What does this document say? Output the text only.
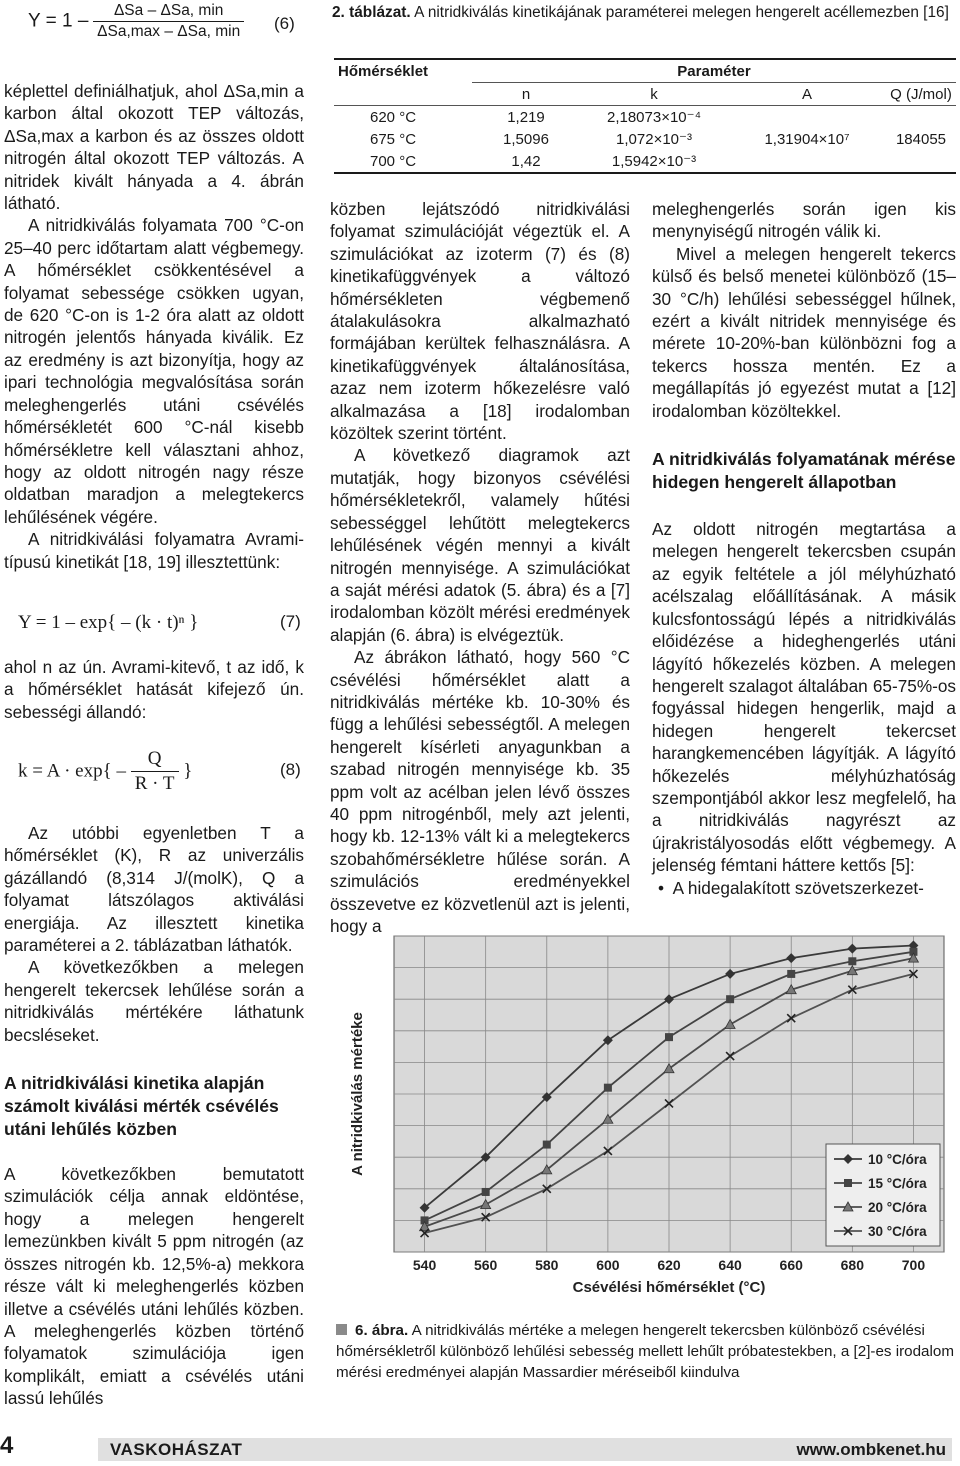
$Y = 1 - \frac{\text{ΔSa – ΔSa, min}}{\text{ΔSa,max – ΔSa, min}} (6)$

képlettel definiálhatjuk, ahol ΔSa,min a karbon által okozott TEP változás, ΔSa,max a karbon és az összes oldott nitrogén által okozott TEP változás. A nitridek kivált hányada a 4. ábrán látható.

A nitridkiválás folyamata 700 °C-on 25–40 perc időtartam alatt végbemegy. A hőmérséklet csökkentésével a folyamat sebessége csökken ugyan, de 620 °C-on is 1-2 óra alatt az oldott nitrogén jelentős hányada kiválik. Ez az eredmény is azt bizonyítja, hogy az ipari technológia megvalósítása során meleghengerlés utáni csévélés hőmérsékletét 600 °C-nál kisebb hőmérsékletre kell választani ahhoz, hogy az oldott nitrogén nagy része oldatban maradjon a melegtekercs lehűlésének végére.

A nitridkiválási folyamatra Avrami-típusú kinetikát [18, 19] illesztettünk:

Y = 1 – exp{ – (k · t)ⁿ }	(7)

ahol n az ún. Avrami-kitevő, t az idő, k a hőmérséklet hatását kifejező ún. sebességi állandó:

$k = A \cdot \exp\{ - \frac{Q}{R \cdot T}$ }	(8)

Az utóbbi egyenletben T a hőmérséklet (K), R az univerzális gázállandó (8,314 J/(molK), Q a folyamat látszólagos aktiválási energiája. Az illesztett kinetika paraméterei a 2. táblázatban láthatók.

A következőkben a melegen hengerelt tekercsek lehűlése során a nitridkiválás mértékére láthatunk becsléseket.

A nitridkiválási kinetika alapján számolt kiválási mérték csévélés utáni lehűlés közben

A következőkben bemutatott szimulációk célja annak eldöntése, hogy a melegen hengerelt lemezünkben kivált 5 ppm nitrogén (az összes nitrogén kb. 12,5%-a) mekkora része vált ki meleghengerlés közben illetve a csévélés utáni lehűlés közben. A meleghengerlés közben történő folyamatok szimulációja igen komplikált, emiatt a csévélés utáni lassú lehűlés

2. táblázat. A nitridkiválás kinetikájának paraméterei melegen hengerelt acéllemezben [16]
Hőmérséklet	Paraméter			
	n	k	A	Q (J/mol)
620 °C	1,219	2,18073×10⁻⁴	1,31904×10⁷	184055
675 °C	1,5096	1,072×10⁻³		
700 °C	1,42	1,5942×10⁻³		

közben lejátszódó nitridkiválási folyamat szimulációját végeztük el. A szimulációkat az izoterm (7) és (8) kinetikafüggvények a változó hőmérsékleten végbemenő átalakulásokra alkalmazható formájában kerültek felhasználásra. A kinetikafüggvények általánosítása, azaz nem izoterm hőkezelésre való alkalmazása a [18] irodalomban közöltek szerint történt.

A következő diagramok azt mutatják, hogy bizonyos csévélési hőmérsékletekről, valamely hűtési sebességgel lehűtött melegtekercs lehűlésének végén mennyi a kivált nitrogén mennyisége. A szimulációkat a saját mérési adatok (5. ábra) és a [7] irodalomban közölt mérési eredmények alapján (6. ábra) is elvégeztük.

Az ábrákon látható, hogy 560 °C csévélési hőmérséklet alatt a nitridkiválás mértéke kb. 10-30% és függ a lehűlési sebességtől. A melegen hengerelt kísérleti anyagunkban a szabad nitrogén mennyisége kb. 35 ppm volt az acélban jelen lévő összes 40 ppm nitrogénből, mely azt jelenti, hogy kb. 12-13% vált ki a melegtekercs szobahőmérsékletre hűlése során. A szimulációs eredményekkel összevetve ez közvetlenül azt is jelenti, hogy a

meleghengerlés során igen kis menynyiségű nitrogén válik ki.

Mivel a melegen hengerelt tekercs külső és belső menetei különböző (15–30 °C/h) lehűlési sebességgel hűlnek, ezért a kivált nitridek mennyisége és mérete 10-20%-ban különbözni fog a tekercs hossza mentén. Ez a megállapítás jó egyezést mutat a [12] irodalomban közöltekkel.

A nitridkiválás folyamatának mérése hidegen hengerelt állapotban

Az oldott nitrogén megtartása a melegen hengerelt tekercsben csupán az egyik feltétele a jól mélyhúzható acélszalag előállításának. A másik kulcsfontosságú lépés a nitridkiválás előidézése a hideghengerlés utáni lágyító hőkezelés közben. A melegen hengerelt szalagot általában 65-75%-os fogyással hidegen hengerlik, majd a hidegen hengerelt tekercset harangkemencében lágyítják. A lágyító hőkezelés mélyhúzhatóság szempontjából akkor lesz megfelelő, ha a nitridkiválás nagyrészt az újrakristályosodás előtt végbemegy. A jelenség fémtani háttere kettős [5]:

•  A hidegalakított szövetszerkezet-

540	560	580	600	620	640	660	680	700
Csévélési hőmérséklet (°C)
A nitridkiválás mértéke	10 °C/óra
15 °C/óra
20 °C/óra
30 °C/óra
6. ábra. A nitridkiválás mértéke a melegen hengerelt tekercsben különböző csévélési hőmérsékletről különböző lehűlési sebesség mellett lehűlt próbatestekben, a [2]-es irodalom mérési eredményei alapján Massardier méréseiből kiindulva
4	VASKOHÁSZAT	www.ombkenet.hu
